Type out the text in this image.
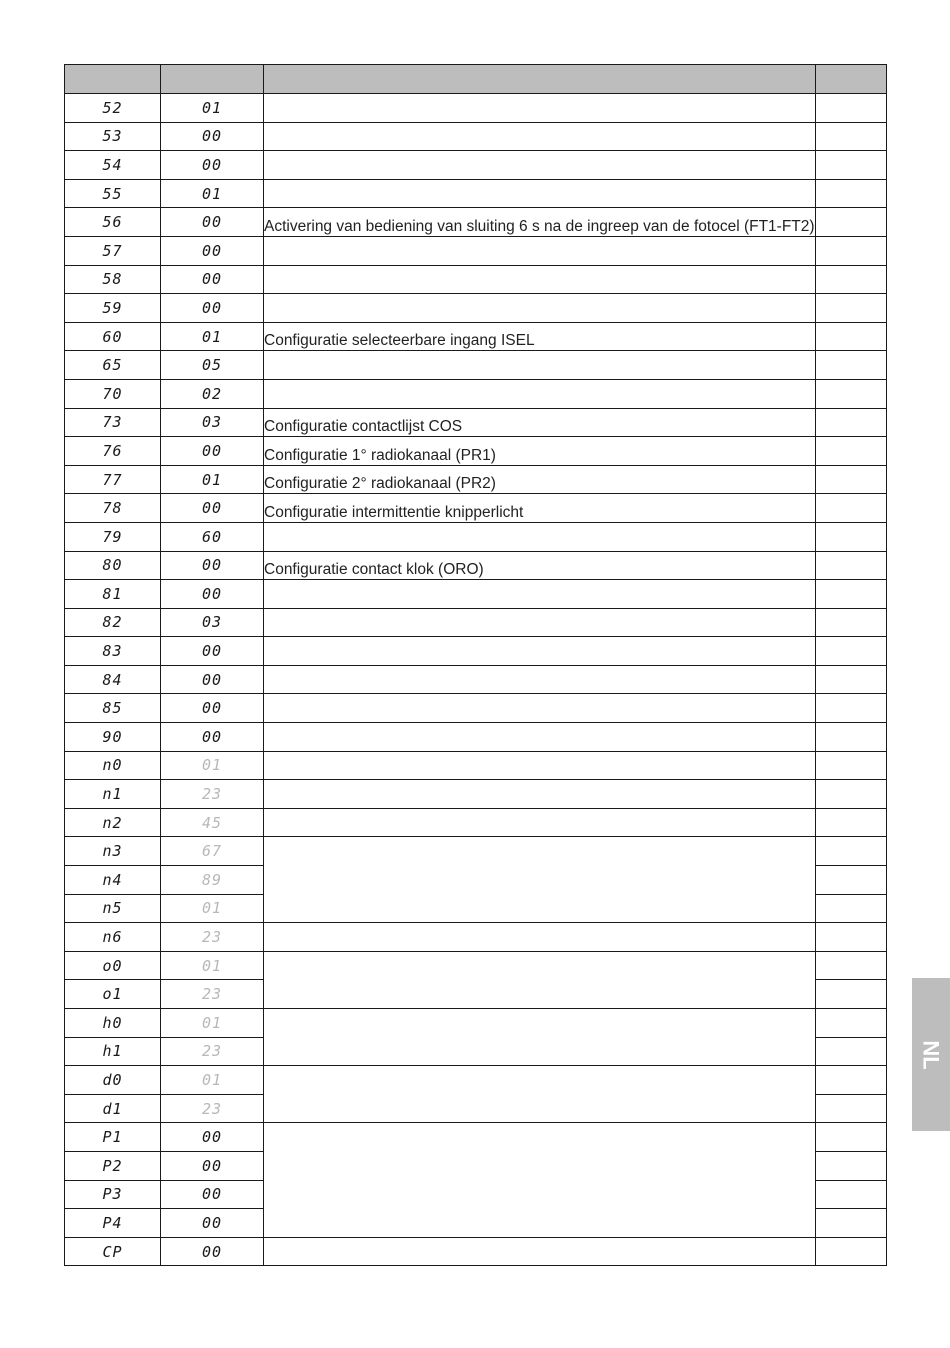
52	01		
53	00		
54	00		
55	01		
56	00	Activering van bediening van sluiting 6 s na de ingreep van de fotocel (FT1-FT2)	
57	00		
58	00		
59	00		
60	01	Configuratie selecteerbare ingang ISEL	
65	05		
70	02		
73	03	Configuratie contactlijst COS	
76	00	Configuratie 1° radiokanaal (PR1)	
77	01	Configuratie 2° radiokanaal (PR2)	
78	00	Configuratie intermittentie knipperlicht	
79	60		
80	00	Configuratie contact klok (ORO)	
81	00		
82	03		
83	00		
84	00		
85	00		
90	00		
n0	01		
n1	23		
n2	45		
n3	67		
n4	89		
n5	01		
n6	23		
o0	01		
o1	23		
h0	01		
h1	23		
d0	01		
d1	23		
P1	00		
P2	00		
P3	00		
P4	00		
CP	00		
NL
